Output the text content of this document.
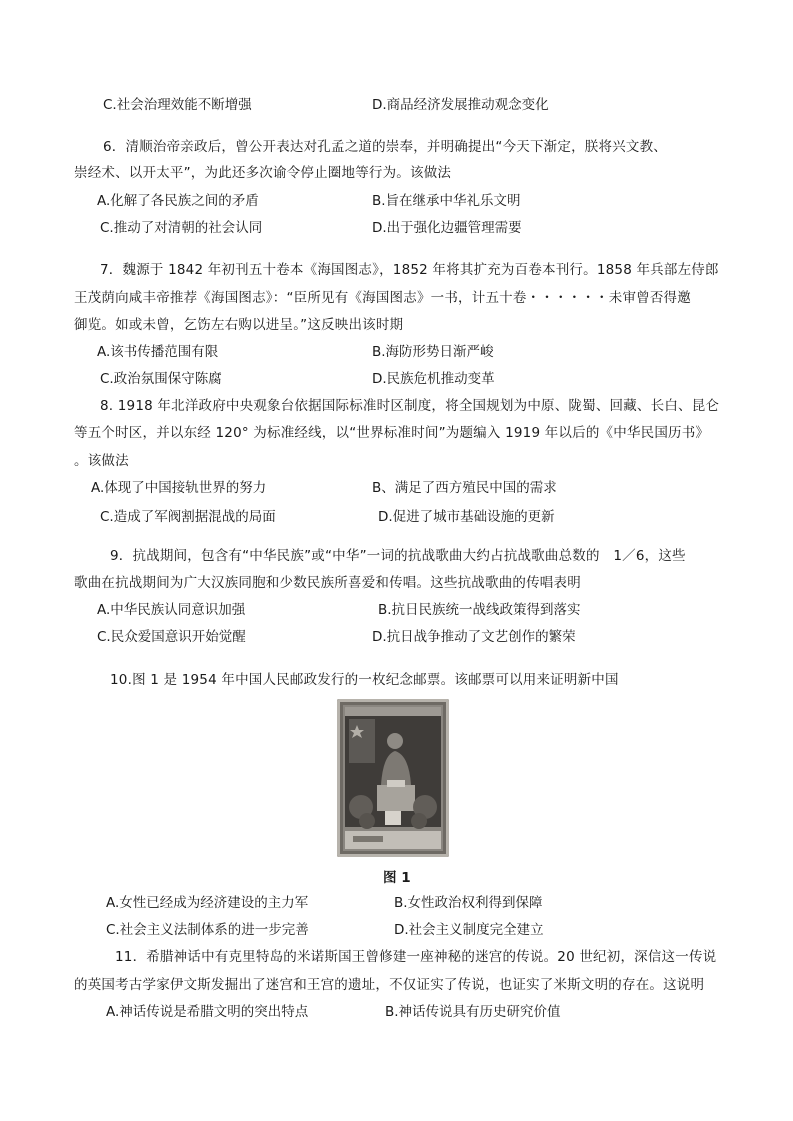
C.社会治理效能不断增强	D.商品经济发展推动观念变化
6．清顺治帝亲政后，曾公开表达对孔孟之道的崇奉，并明确提出“今天下渐定，朕将兴文教、
崇经术、以开太平”，为此还多次谕令停止圈地等行为。该做法
A.化解了各民族之间的矛盾	B.旨在继承中华礼乐文明
C.推动了对清朝的社会认同	D.出于强化边疆管理需要
7．魏源于 1842 年初刊五十卷本《海国图志》，1852 年将其扩充为百卷本刊行。1858 年兵部左侍郎
王茂荫向咸丰帝推荐《海国图志》：“臣所见有《海国图志》一书，计五十卷・・・・・・未审曾否得邀
御览。如或未曾，乞饬左右购以进呈。”这反映出该时期
A.该书传播范围有限	B.海防形势日渐严峻
C.政治氛围保守陈腐	D.民族危机推动变革
8. 1918 年北洋政府中央观象台依据国际标准时区制度，将全国规划为中原、陇蜀、回藏、长白、昆仑
等五个时区，并以东经 120° 为标准经线，以“世界标准时间”为题编入 1919 年以后的《中华民国历书》
。该做法
A.体现了中国接轨世界的努力	B、满足了西方殖民中国的需求
C.造成了军阀割据混战的局面	D.促进了城市基础设施的更新
9．抗战期间，包含有“中华民族”或“中华”一词的抗战歌曲大约占抗战歌曲总数的　1／6，这些
歌曲在抗战期间为广大汉族同胞和少数民族所喜爱和传唱。这些抗战歌曲的传唱表明
A.中华民族认同意识加强	B.抗日民族统一战线政策得到落实
C.民众爱国意识开始觉醒	D.抗日战争推动了文艺创作的繁荣
10.图 1 是 1954 年中国人民邮政发行的一枚纪念邮票。该邮票可以用来证明新中国
图 1
A.女性已经成为经济建设的主力军	B.女性政治权利得到保障
C.社会主义法制体系的进一步完善	D.社会主义制度完全建立
11．希腊神话中有克里特岛的米诺斯国王曾修建一座神秘的迷宫的传说。20 世纪初，深信这一传说
的英国考古学家伊文斯发掘出了迷宫和王宫的遗址，不仅证实了传说，也证实了米斯文明的存在。这说明
A.神话传说是希腊文明的突出特点	B.神话传说具有历史研究价值
